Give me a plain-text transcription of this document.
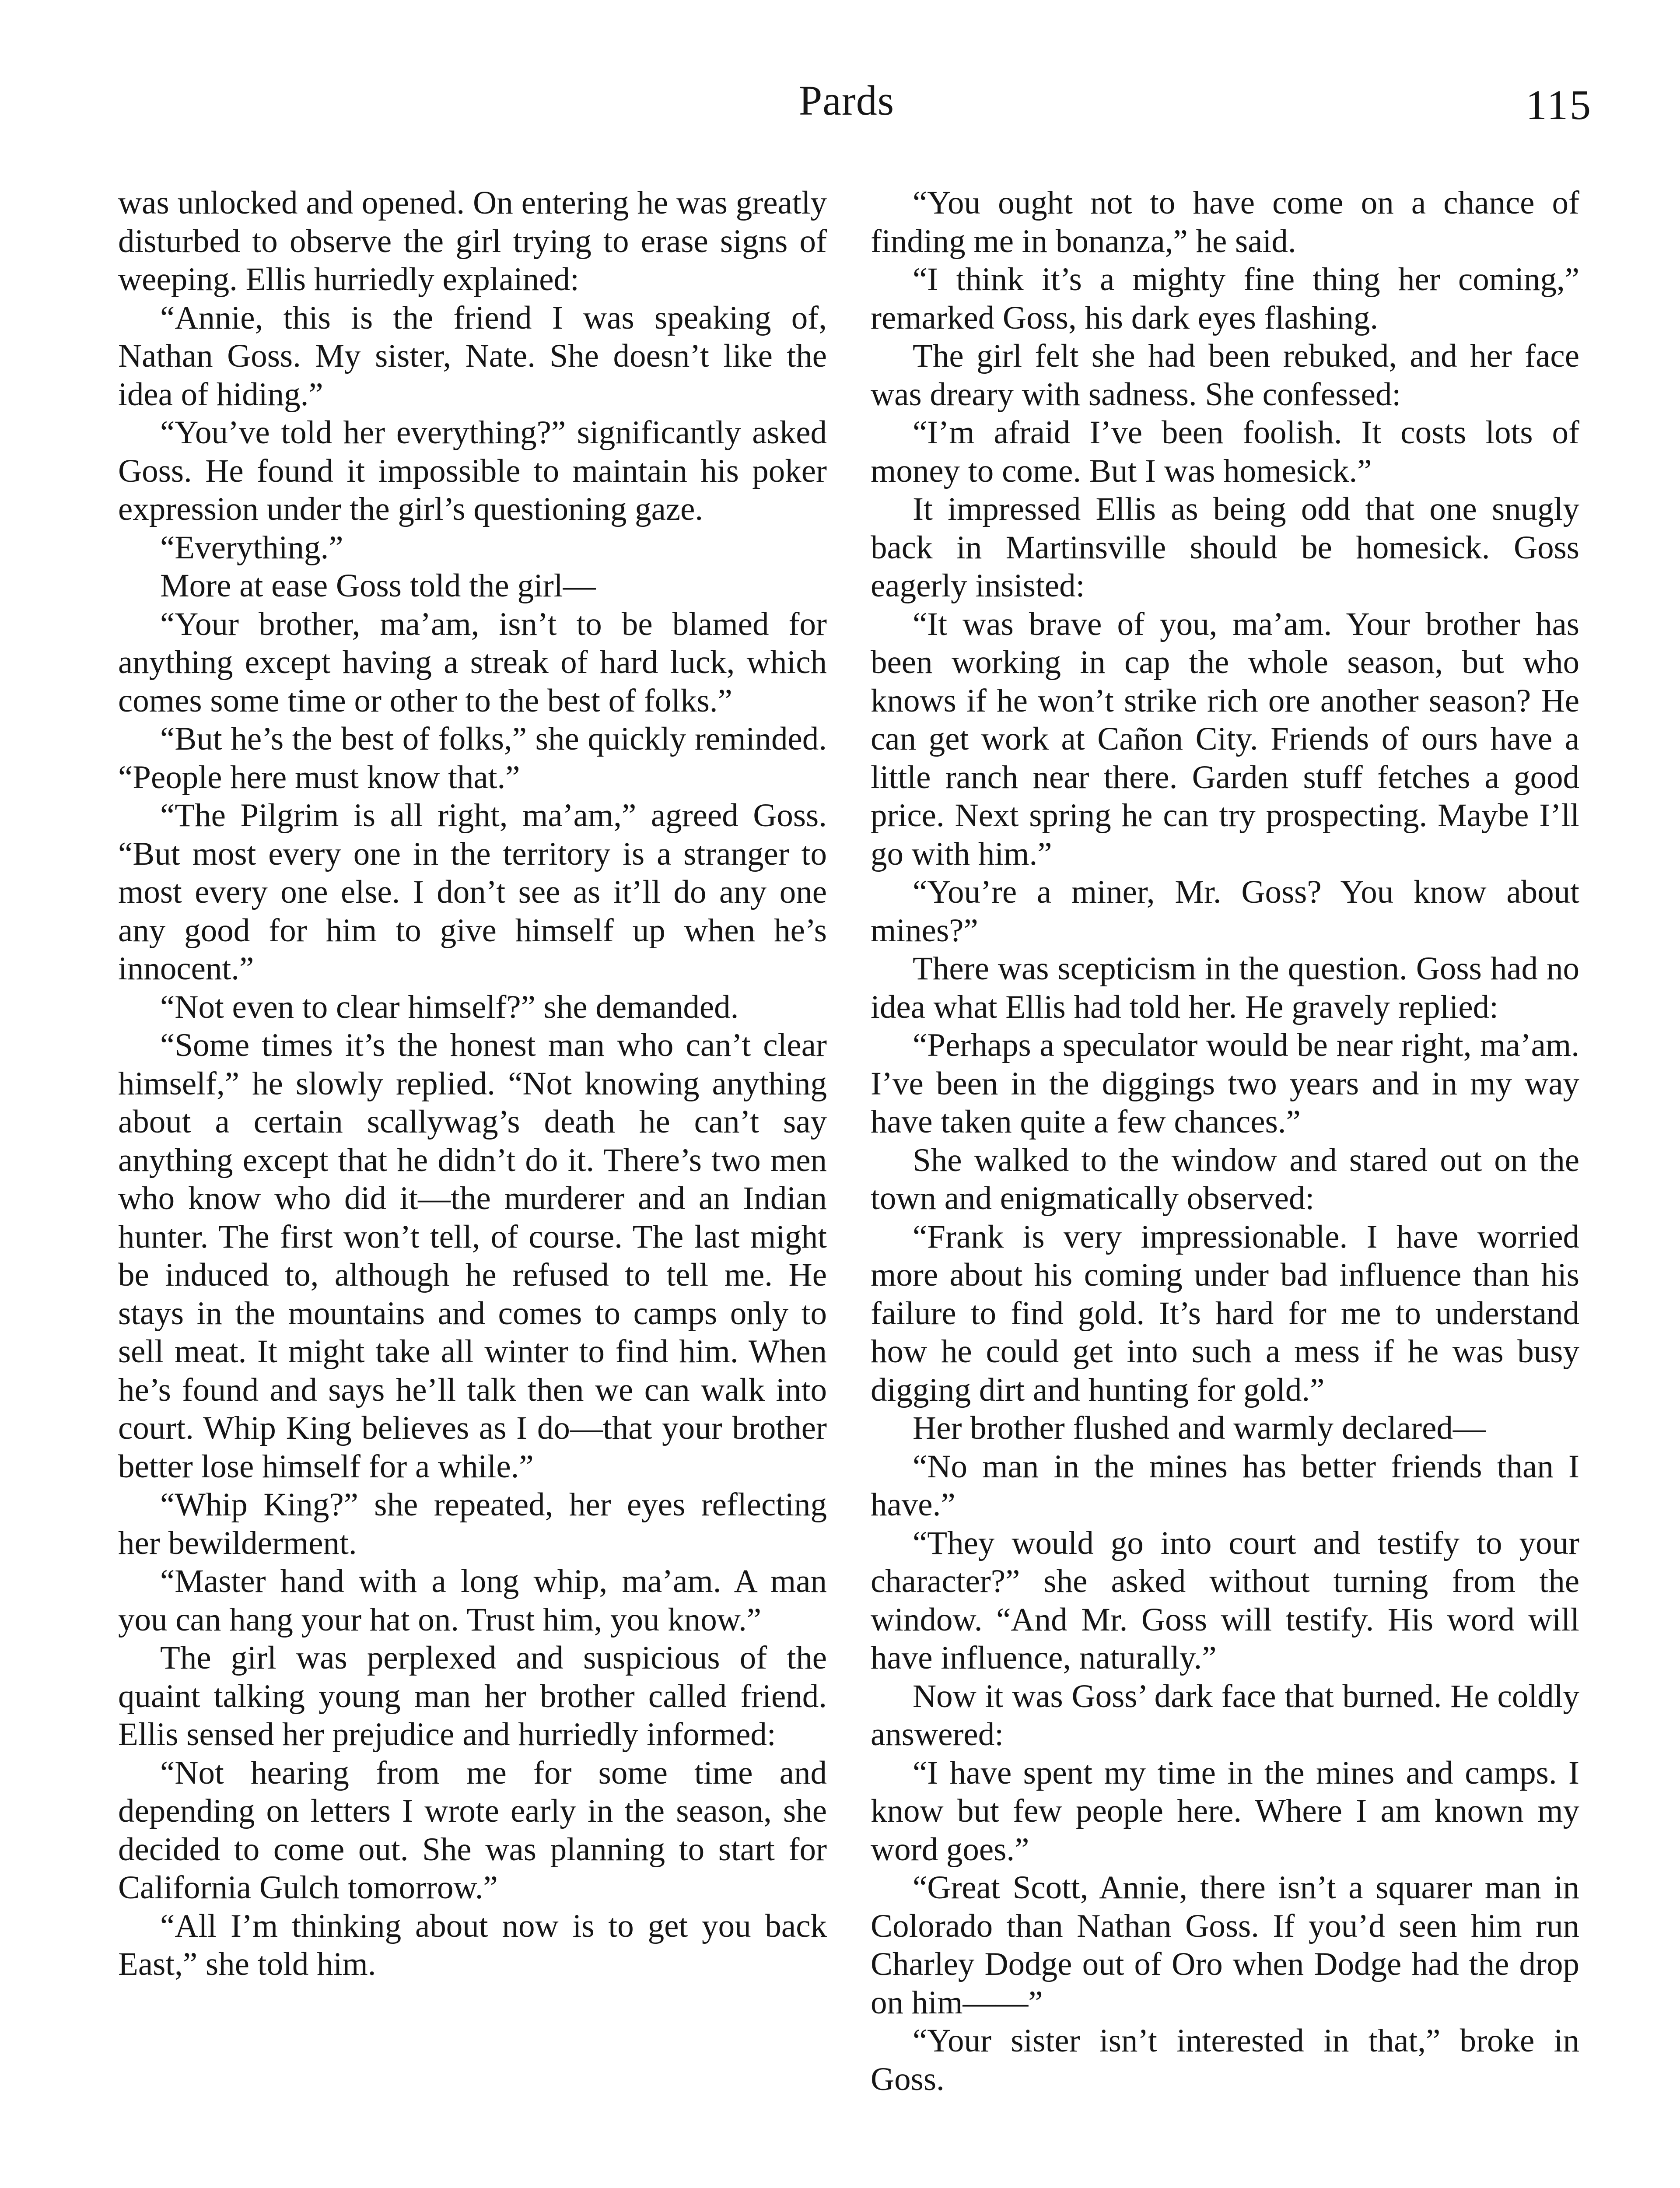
Pards	115

was unlocked and opened. On entering he was greatly disturbed to observe the girl trying to erase signs of weeping. Ellis hurriedly explained:

“Annie, this is the friend I was speaking of, Nathan Goss. My sister, Nate. She doesn’t like the idea of hiding.”

“You’ve told her everything?” significantly asked Goss. He found it impossible to maintain his poker expression under the girl’s questioning gaze.

“Everything.”

More at ease Goss told the girl—

“Your brother, ma’am, isn’t to be blamed for anything except having a streak of hard luck, which comes some time or other to the best of folks.”

“But he’s the best of folks,” she quickly reminded. “People here must know that.”

“The Pilgrim is all right, ma’am,” agreed Goss. “But most every one in the territory is a stranger to most every one else. I don’t see as it’ll do any one any good for him to give himself up when he’s innocent.”

“Not even to clear himself?” she demanded.

“Some times it’s the honest man who can’t clear himself,” he slowly replied. “Not knowing anything about a certain scallywag’s death he can’t say anything except that he didn’t do it. There’s two men who know who did it—the murderer and an Indian hunter. The first won’t tell, of course. The last might be induced to, although he refused to tell me. He stays in the mountains and comes to camps only to sell meat. It might take all winter to find him. When he’s found and says he’ll talk then we can walk into court. Whip King believes as I do—that your brother better lose himself for a while.”

“Whip King?” she repeated, her eyes reflecting her bewilderment.

“Master hand with a long whip, ma’am. A man you can hang your hat on. Trust him, you know.”

The girl was perplexed and suspicious of the quaint talking young man her brother called friend. Ellis sensed her prejudice and hurriedly informed:

“Not hearing from me for some time and depending on letters I wrote early in the season, she decided to come out. She was planning to start for California Gulch tomorrow.”

“All I’m thinking about now is to get you back East,” she told him.

“You ought not to have come on a chance of finding me in bonanza,” he said.

“I think it’s a mighty fine thing her coming,” remarked Goss, his dark eyes flashing.

The girl felt she had been rebuked, and her face was dreary with sadness. She confessed:

“I’m afraid I’ve been foolish. It costs lots of money to come. But I was homesick.”

It impressed Ellis as being odd that one snugly back in Martinsville should be homesick. Goss eagerly insisted:

“It was brave of you, ma’am. Your brother has been working in cap the whole season, but who knows if he won’t strike rich ore another season? He can get work at Cañon City. Friends of ours have a little ranch near there. Garden stuff fetches a good price. Next spring he can try prospecting. Maybe I’ll go with him.”

“You’re a miner, Mr. Goss? You know about mines?”

There was scepticism in the question. Goss had no idea what Ellis had told her. He gravely replied:

“Perhaps a speculator would be near right, ma’am. I’ve been in the diggings two years and in my way have taken quite a few chances.”

She walked to the window and stared out on the town and enigmatically observed:

“Frank is very impressionable. I have worried more about his coming under bad influence than his failure to find gold. It’s hard for me to understand how he could get into such a mess if he was busy digging dirt and hunting for gold.”

Her brother flushed and warmly declared—

“No man in the mines has better friends than I have.”

“They would go into court and testify to your character?” she asked without turning from the window. “And Mr. Goss will testify. His word will have influence, naturally.”

Now it was Goss’ dark face that burned. He coldly answered:

“I have spent my time in the mines and camps. I know but few people here. Where I am known my word goes.”

“Great Scott, Annie, there isn’t a squarer man in Colorado than Nathan Goss. If you’d seen him run Charley Dodge out of Oro when Dodge had the drop on him——”

“Your sister isn’t interested in that,” broke in Goss.
